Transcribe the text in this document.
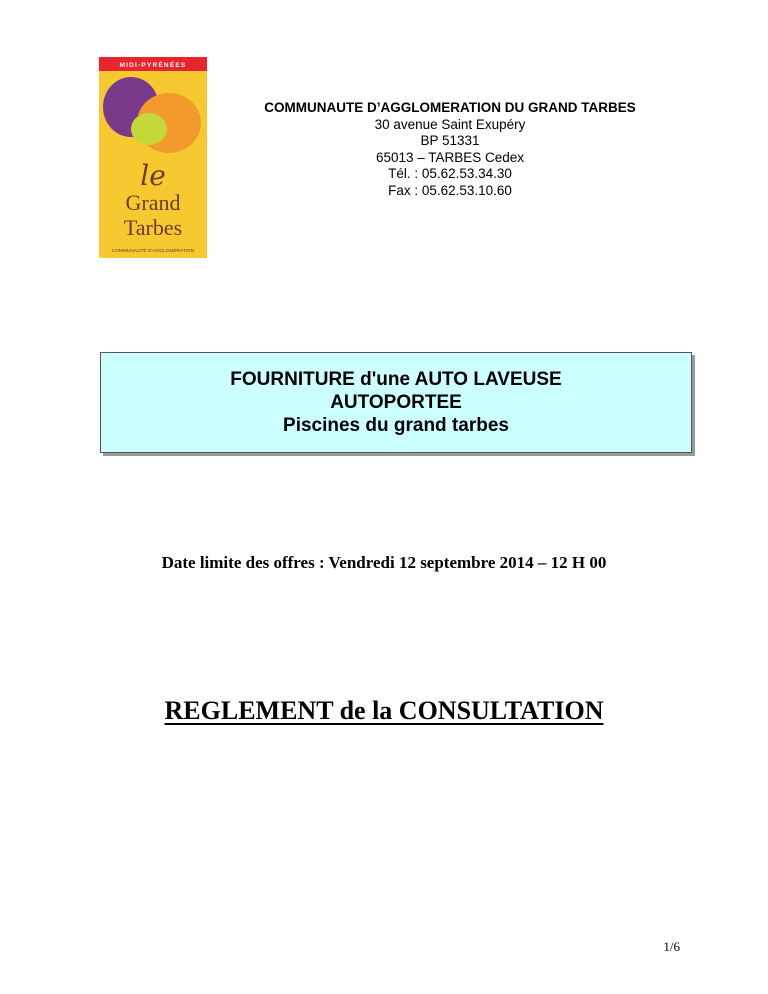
MIDI-PYRÉNÉES
le
Grand
Tarbes
COMMUNAUTÉ D'AGGLOMÉRATION
COMMUNAUTE D’AGGLOMERATION DU GRAND TARBES
30 avenue Saint Exupéry
BP 51331
65013 – TARBES Cedex
Tél. : 05.62.53.34.30
Fax : 05.62.53.10.60
FOURNITURE d'une AUTO LAVEUSE
AUTOPORTEE
Piscines du grand tarbes
Date limite des offres : Vendredi 12 septembre 2014 – 12 H 00
REGLEMENT de la CONSULTATION
1/6
